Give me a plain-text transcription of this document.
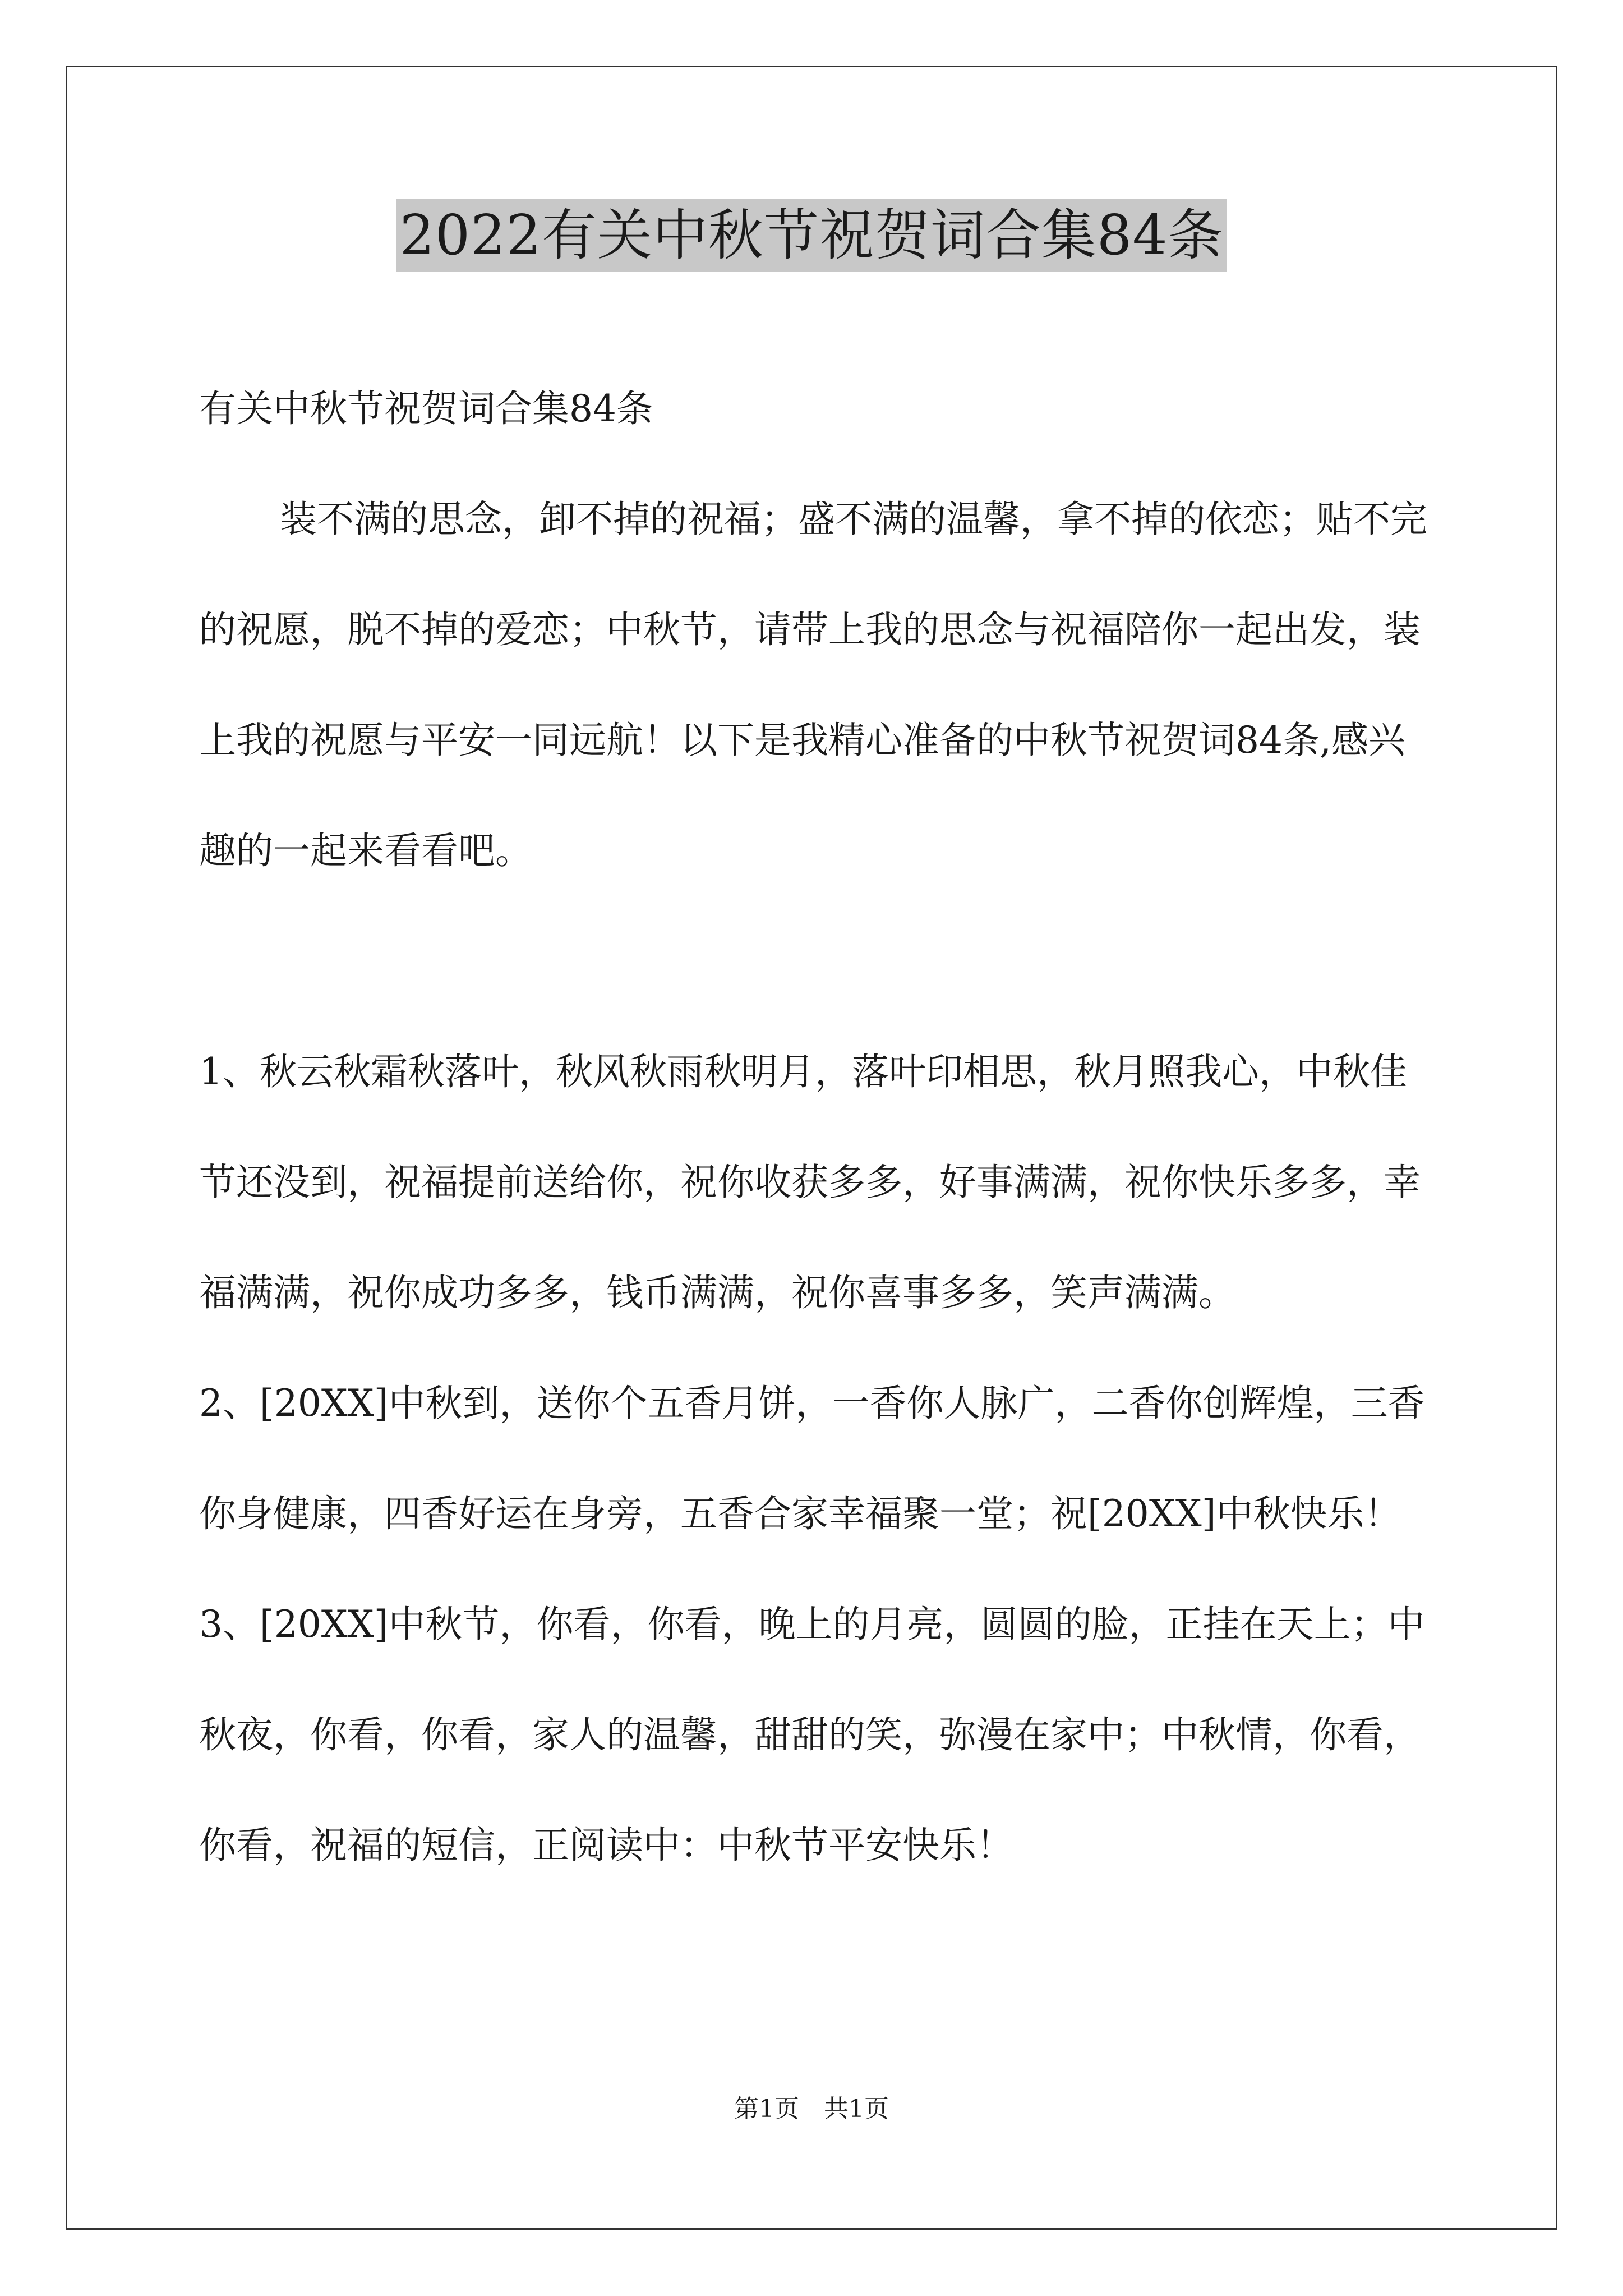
2022有关中秋节祝贺词合集84条

有关中秋节祝贺词合集84条

装不满的思念，卸不掉的祝福；盛不满的温馨，拿不掉的依恋；贴不完的祝愿，脱不掉的爱恋；中秋节，请带上我的思念与祝福陪你一起出发，装上我的祝愿与平安一同远航！以下是我精心准备的中秋节祝贺词84条,感兴趣的一起来看看吧。

1、秋云秋霜秋落叶，秋风秋雨秋明月，落叶印相思，秋月照我心，中秋佳节还没到，祝福提前送给你，祝你收获多多，好事满满，祝你快乐多多，幸福满满，祝你成功多多，钱币满满，祝你喜事多多，笑声满满。

2、[20XX]中秋到，送你个五香月饼，一香你人脉广，二香你创辉煌，三香你身健康，四香好运在身旁，五香合家幸福聚一堂；祝[20XX]中秋快乐！

3、[20XX]中秋节，你看，你看，晚上的月亮，圆圆的脸，正挂在天上；中秋夜，你看，你看，家人的温馨，甜甜的笑，弥漫在家中；中秋情，你看，你看，祝福的短信，正阅读中：中秋节平安快乐！

第1页　共1页
